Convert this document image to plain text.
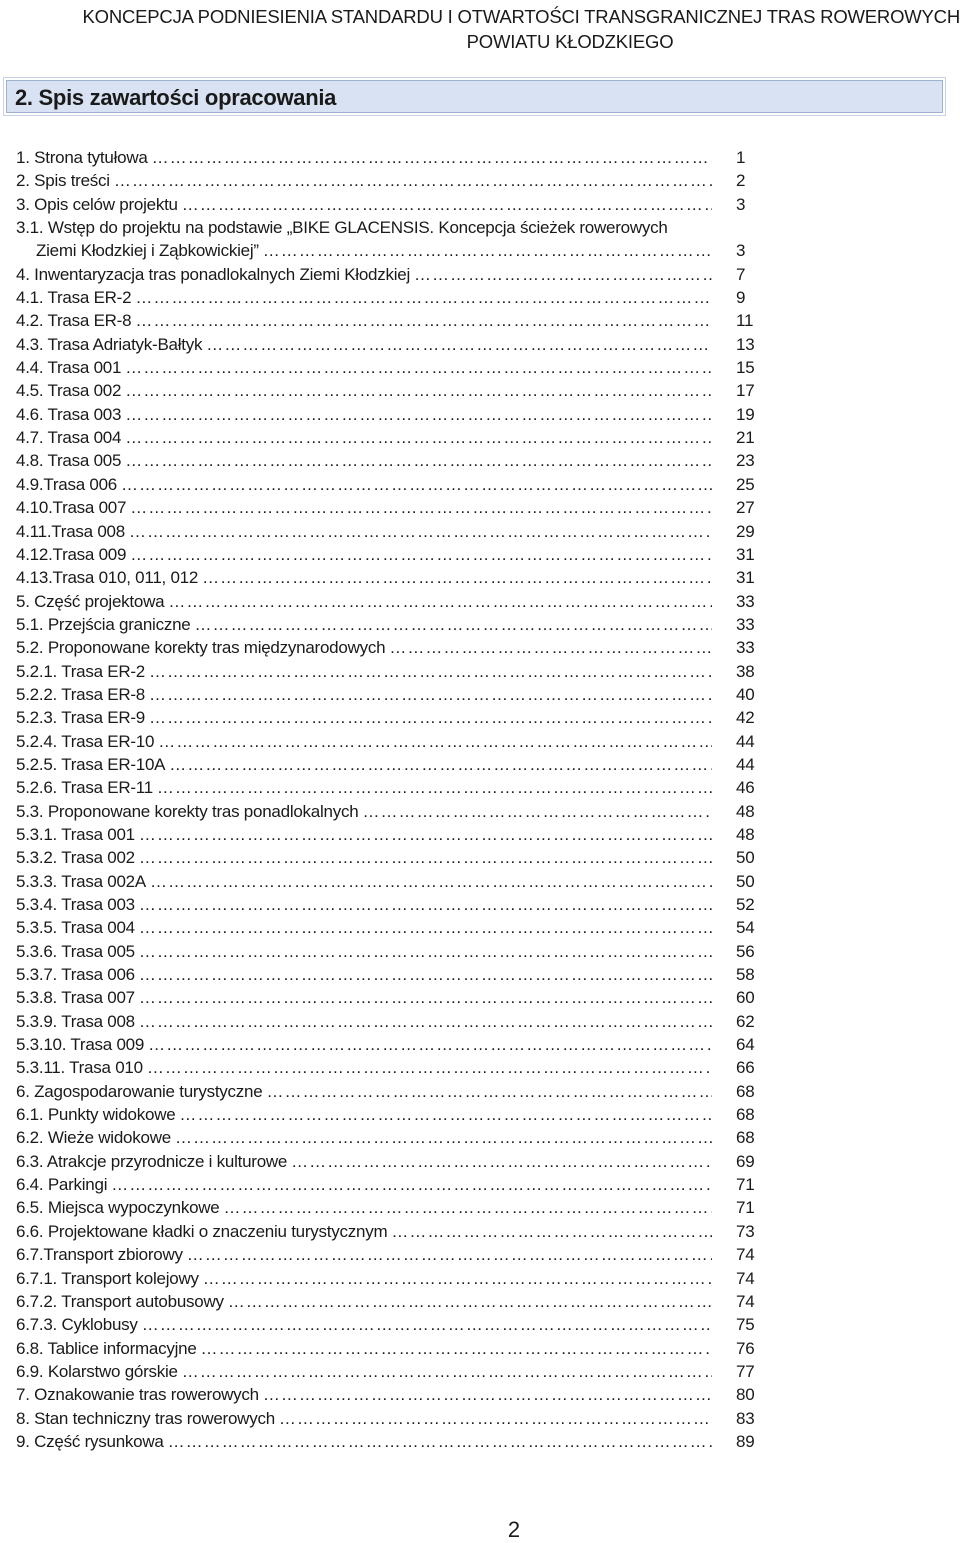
KONCEPCJA PODNIESIENIA STANDARDU I OTWARTOŚCI TRANSGRANICZNEJ TRAS ROWEROWYCH
POWIATU KŁODZKIEGO
2. Spis zawartości opracowania
1. Strona tytułowa ………………………………………………………………………………………………………………………………………………………	1
2. Spis treści ………………………………………………………………………………………………………………………………………………………	2
3. Opis celów projektu ………………………………………………………………………………………………………………………………………………………	3
3.1. Wstęp do projektu na podstawie „BIKE GLACENSIS. Koncepcja ścieżek rowerowych
Ziemi Kłodzkiej i Ząbkowickiej” ………………………………………………………………………………………………………………………………………………………	3
4. Inwentaryzacja tras ponadlokalnych Ziemi Kłodzkiej ………………………………………………………………………………………………………………………………………………………	7
4.1. Trasa ER-2 ………………………………………………………………………………………………………………………………………………………	9
4.2. Trasa ER-8 ………………………………………………………………………………………………………………………………………………………	11
4.3. Trasa Adriatyk-Bałtyk ………………………………………………………………………………………………………………………………………………………	13
4.4. Trasa 001 ………………………………………………………………………………………………………………………………………………………	15
4.5. Trasa 002 ………………………………………………………………………………………………………………………………………………………	17
4.6. Trasa 003 ………………………………………………………………………………………………………………………………………………………	19
4.7. Trasa 004 ………………………………………………………………………………………………………………………………………………………	21
4.8. Trasa 005 ………………………………………………………………………………………………………………………………………………………	23
4.9.Trasa 006 ………………………………………………………………………………………………………………………………………………………	25
4.10.Trasa 007 ………………………………………………………………………………………………………………………………………………………	27
4.11.Trasa 008 ………………………………………………………………………………………………………………………………………………………	29
4.12.Trasa 009 ………………………………………………………………………………………………………………………………………………………	31
4.13.Trasa 010, 011, 012 ………………………………………………………………………………………………………………………………………………………	31
5. Część projektowa ………………………………………………………………………………………………………………………………………………………	33
5.1. Przejścia graniczne ………………………………………………………………………………………………………………………………………………………	33
5.2. Proponowane korekty tras międzynarodowych ………………………………………………………………………………………………………………………………………………………	33
5.2.1. Trasa ER-2 ………………………………………………………………………………………………………………………………………………………	38
5.2.2. Trasa ER-8 ………………………………………………………………………………………………………………………………………………………	40
5.2.3. Trasa ER-9 ………………………………………………………………………………………………………………………………………………………	42
5.2.4. Trasa ER-10 ………………………………………………………………………………………………………………………………………………………	44
5.2.5. Trasa ER-10A ………………………………………………………………………………………………………………………………………………………	44
5.2.6. Trasa ER-11 ………………………………………………………………………………………………………………………………………………………	46
5.3. Proponowane korekty tras ponadlokalnych ………………………………………………………………………………………………………………………………………………………	48
5.3.1. Trasa 001 ………………………………………………………………………………………………………………………………………………………	48
5.3.2. Trasa 002 ………………………………………………………………………………………………………………………………………………………	50
5.3.3. Trasa 002A ………………………………………………………………………………………………………………………………………………………	50
5.3.4. Trasa 003 ………………………………………………………………………………………………………………………………………………………	52
5.3.5. Trasa 004 ………………………………………………………………………………………………………………………………………………………	54
5.3.6. Trasa 005 ………………………………………………………………………………………………………………………………………………………	56
5.3.7. Trasa 006 ………………………………………………………………………………………………………………………………………………………	58
5.3.8. Trasa 007 ………………………………………………………………………………………………………………………………………………………	60
5.3.9. Trasa 008 ………………………………………………………………………………………………………………………………………………………	62
5.3.10. Trasa 009 ………………………………………………………………………………………………………………………………………………………	64
5.3.11. Trasa 010 ………………………………………………………………………………………………………………………………………………………	66
6. Zagospodarowanie turystyczne ………………………………………………………………………………………………………………………………………………………	68
6.1. Punkty widokowe ………………………………………………………………………………………………………………………………………………………	68
6.2. Wieże widokowe ………………………………………………………………………………………………………………………………………………………	68
6.3. Atrakcje przyrodnicze i kulturowe ………………………………………………………………………………………………………………………………………………………	69
6.4. Parkingi ………………………………………………………………………………………………………………………………………………………	71
6.5. Miejsca wypoczynkowe ………………………………………………………………………………………………………………………………………………………	71
6.6. Projektowane kładki o znaczeniu turystycznym ………………………………………………………………………………………………………………………………………………………	73
6.7.Transport zbiorowy ………………………………………………………………………………………………………………………………………………………	74
6.7.1. Transport kolejowy ………………………………………………………………………………………………………………………………………………………	74
6.7.2. Transport autobusowy ………………………………………………………………………………………………………………………………………………………	74
6.7.3. Cyklobusy ………………………………………………………………………………………………………………………………………………………	75
6.8. Tablice informacyjne ………………………………………………………………………………………………………………………………………………………	76
6.9. Kolarstwo górskie ………………………………………………………………………………………………………………………………………………………	77
7. Oznakowanie tras rowerowych ………………………………………………………………………………………………………………………………………………………	80
8. Stan techniczny tras rowerowych ………………………………………………………………………………………………………………………………………………………	83
9. Część rysunkowa ………………………………………………………………………………………………………………………………………………………	89
2
